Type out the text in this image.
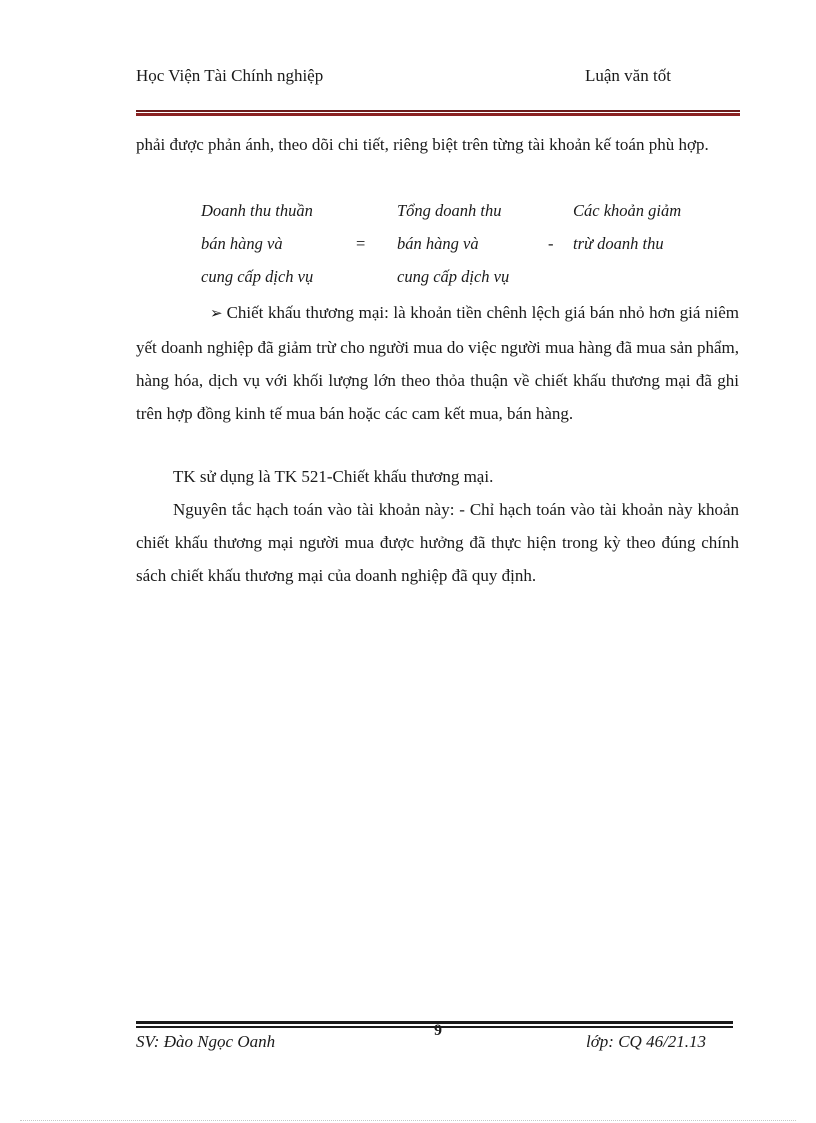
Học Viện Tài Chính nghiệp	Luận văn tốt

phải được phản ánh, theo dõi chi tiết, riêng biệt trên từng tài khoản kế toán phù hợp.

Doanh thu thuần
bán hàng và
cung cấp dịch vụ
=
Tổng doanh thu
bán hàng và
cung cấp dịch vụ
-
Các khoản giảm
trừ doanh thu

➢ Chiết khấu thương mại: là khoản tiền chênh lệch giá bán nhỏ hơn giá niêm yết doanh nghiệp đã giảm trừ cho người mua do việc người mua hàng đã mua sản phẩm, hàng hóa, dịch vụ với khối lượng lớn theo thỏa thuận về chiết khấu thương mại đã ghi trên hợp đồng kinh tế mua bán hoặc các cam kết mua, bán hàng.

TK sử dụng là TK 521-Chiết khấu thương mại.

Nguyên tắc hạch toán vào tài khoản này: - Chỉ hạch toán vào tài khoản này khoản chiết khấu thương mại người mua được hưởng đã thực hiện trong kỳ theo đúng chính sách chiết khấu thương mại của doanh nghiệp đã quy định.

9
SV: Đào Ngọc Oanh	lớp: CQ 46/21.13
